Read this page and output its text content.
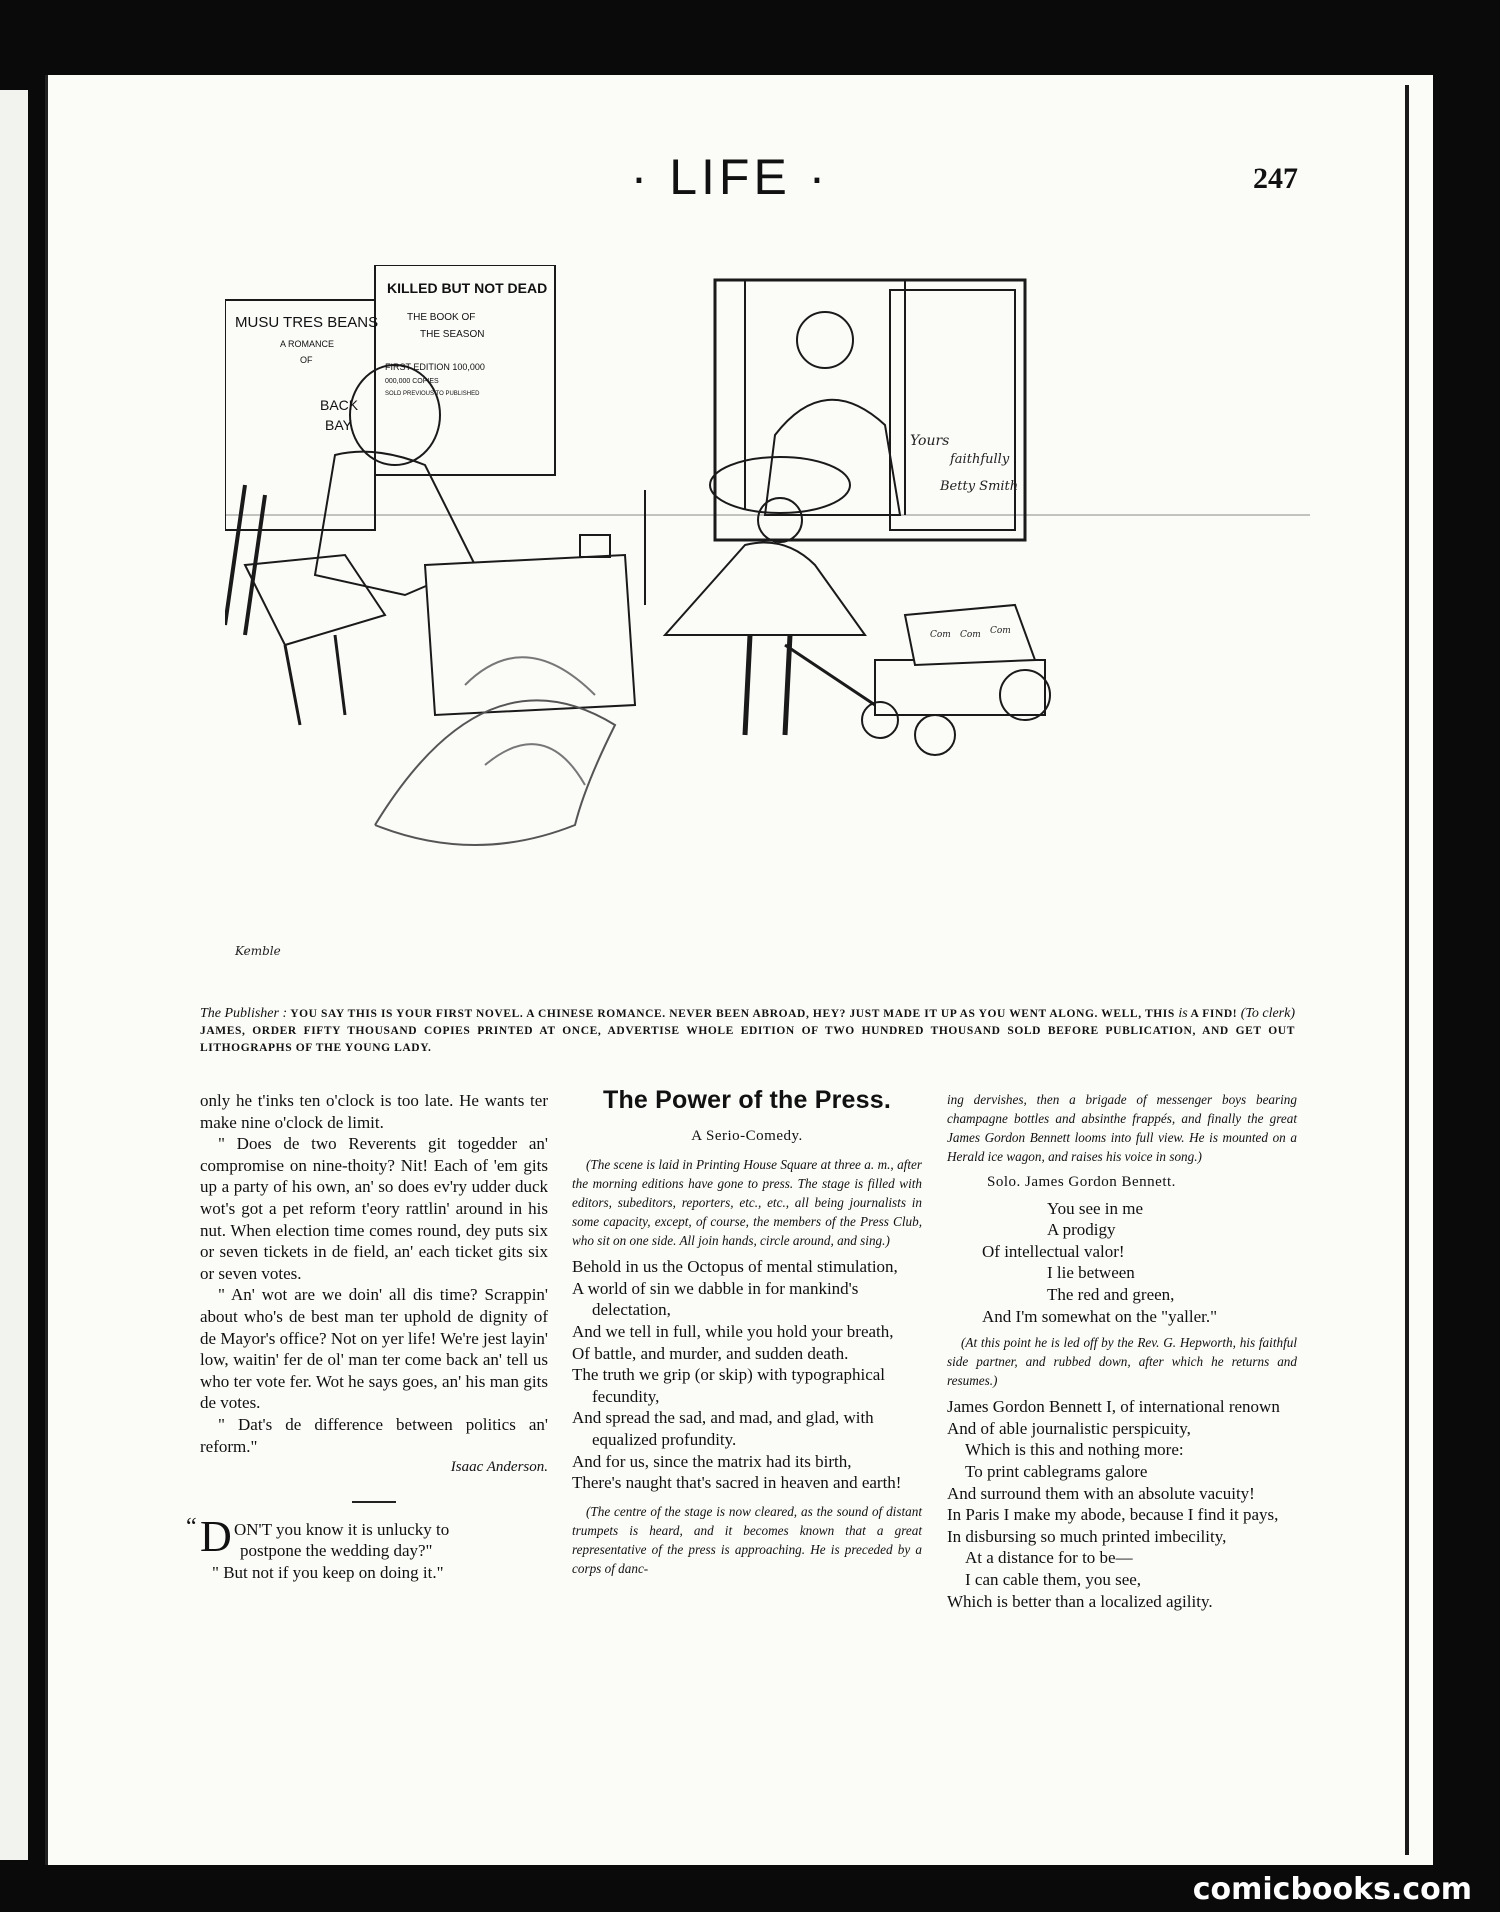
· LIFE ·	247
MUSU TRES BEANS
A ROMANCE
OF
BACK
BAY
KILLED BUT NOT DEAD
THE BOOK OF
THE SEASON
FIRST EDITION 100,000
000,000 COPIES
SOLD PREVIOUS TO PUBLISHED
Yours
faithfully
Betty Smith
Com Com Com
Kemble
The Publisher : YOU SAY THIS IS YOUR FIRST NOVEL. A CHINESE ROMANCE. NEVER BEEN ABROAD, HEY? JUST MADE IT UP AS YOU WENT ALONG. WELL, THIS is A FIND! (To clerk) JAMES, ORDER FIFTY THOUSAND COPIES PRINTED AT ONCE, ADVERTISE WHOLE EDITION OF TWO HUNDRED THOUSAND SOLD BEFORE PUBLICATION, AND GET OUT LITHOGRAPHS OF THE YOUNG LADY.

only he t'inks ten o'clock is too late. He wants ter make nine o'clock de limit.

" Does de two Reverents git togedder an' compromise on nine-thoity? Nit! Each of 'em gits up a party of his own, an' so does ev'ry udder duck wot's got a pet reform t'eory rattlin' around in his nut. When election time comes round, dey puts six or seven tickets in de field, an' each ticket gits six or seven votes.

" An' wot are we doin' all dis time? Scrappin' about who's de best man ter uphold de dignity of de Mayor's office? Not on yer life! We're jest layin' low, waitin' fer de ol' man ter come back an' tell us who ter vote fer. Wot he says goes, an' his man gits de votes.

" Dat's de difference between politics an' reform."

Isaac Anderson.
“ D ON'T you know it is unlucky to
postpone the wedding day?"
" But not if you keep on doing it."
The Power of the Press.
A Serio-Comedy.

(The scene is laid in Printing House Square at three a. m., after the morning editions have gone to press. The stage is filled with editors, subeditors, reporters, etc., etc., all being journalists in some capacity, except, of course, the members of the Press Club, who sit on one side. All join hands, circle around, and sing.)

Behold in us the Octopus of mental stimulation,

A world of sin we dabble in for mankind's delectation,

And we tell in full, while you hold your breath,

Of battle, and murder, and sudden death.

The truth we grip (or skip) with typographical fecundity,

And spread the sad, and mad, and glad, with equalized profundity.

And for us, since the matrix had its birth,

There's naught that's sacred in heaven and earth!

(The centre of the stage is now cleared, as the sound of distant trumpets is heard, and it becomes known that a great representative of the press is approaching. He is preceded by a corps of danc-

ing dervishes, then a brigade of messenger boys bearing champagne bottles and absinthe frappés, and finally the great James Gordon Bennett looms into full view. He is mounted on a Herald ice wagon, and raises his voice in song.)

Solo. James Gordon Bennett.

You see in me

A prodigy

Of intellectual valor!

I lie between

The red and green,

And I'm somewhat on the "yaller."

(At this point he is led off by the Rev. G. Hepworth, his faithful side partner, and rubbed down, after which he returns and resumes.)

James Gordon Bennett I, of international renown

And of able journalistic perspicuity,

Which is this and nothing more:

To print cablegrams galore

And surround them with an absolute vacuity!

In Paris I make my abode, because I find it pays,

In disbursing so much printed imbecility,

At a distance for to be—

I can cable them, you see,

Which is better than a localized agility.

comicbooks.com
